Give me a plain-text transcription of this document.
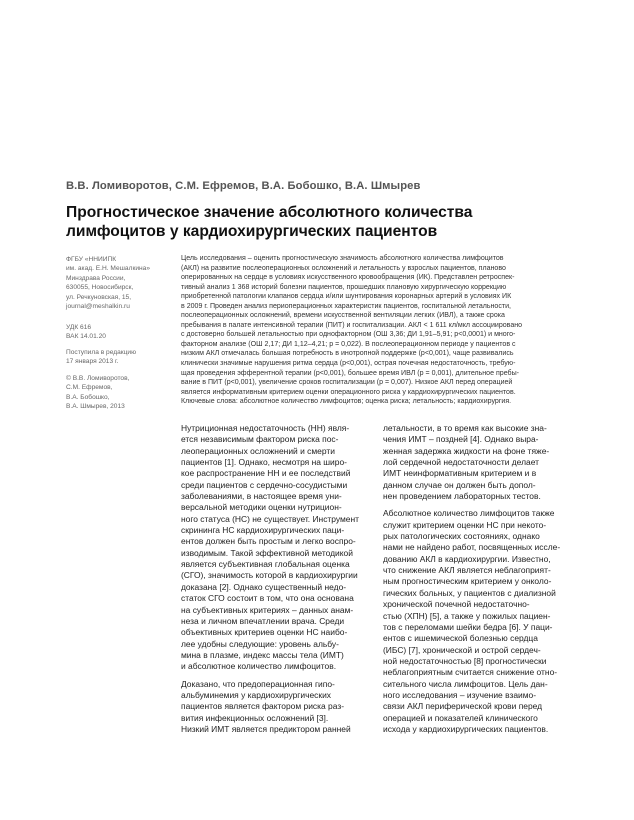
В.В. Ломиворотов, С.М. Ефремов, В.А. Бобошко, В.А. Шмырев
Прогностическое значение абсолютного количества
лимфоцитов у кардиохирургических пациентов
ФГБУ «ННИИПК
им. акад. Е.Н. Мешалкина»
Минздрава России,
630055, Новосибирск,
ул. Речкуновская, 15,
journal@meshalkin.ru
УДК 616
ВАК 14.01.20
Поступила в редакцию
17 января 2013 г.
© В.В. Ломиворотов,
С.М. Ефремов,
В.А. Бобошко,
В.А. Шмырев, 2013
Цель исследования – оценить прогностическую значимость абсолютного количества лимфоцитов
(АКЛ) на развитие послеоперационных осложнений и летальность у взрослых пациентов, планово
оперированных на сердце в условиях искусственного кровообращения (ИК). Представлен ретроспек-
тивный анализ 1 368 историй болезни пациентов, прошедших плановую хирургическую коррекцию
приобретенной патологии клапанов сердца и/или шунтирования коронарных артерий в условиях ИК
в 2009 г. Проведен анализ периоперационных характеристик пациентов, госпитальной летальности,
послеоперационных осложнений, времени искусственной вентиляции легких (ИВЛ), а также срока
пребывания в палате интенсивной терапии (ПИТ) и госпитализации. АКЛ < 1 611 кл/мкл ассоциировано
с достоверно большей летальностью при однофакторном (ОШ 3,36; ДИ 1,91–5,91; p<0,0001) и много-
факторном анализе (ОШ 2,17; ДИ 1,12–4,21; p = 0,022). В послеоперационном периоде у пациентов с
низким АКЛ отмечалась большая потребность в инотропной поддержке (p<0,001), чаще развивались
клинически значимые нарушения ритма сердца (p<0,001), острая почечная недостаточность, требую-
щая проведения эфферентной терапии (p<0,001), большее время ИВЛ (p = 0,001), длительное пребы-
вание в ПИТ (p<0,001), увеличение сроков госпитализации (p = 0,007). Низкое АКЛ перед операцией
является информативным критерием оценки операционного риска у кардиохирургических пациентов.
Ключевые слова: абсолютное количество лимфоцитов; оценка риска; летальность; кардиохирургия.
Нутриционная недостаточность (НН) явля-
ется независимым фактором риска пос-
леоперационных осложнений и смерти
пациентов [1]. Однако, несмотря на широ-
кое распространение НН и ее последствий
среди пациентов с сердечно-сосудистыми
заболеваниями, в настоящее время уни-
версальной методики оценки нутрицион-
ного статуса (НС) не существует. Инструмент
скрининга НС кардиохирургических паци-
ентов должен быть простым и легко воспро-
изводимым. Такой эффективной методикой
является субъективная глобальная оценка
(СГО), значимость которой в кардиохирургии
доказана [2]. Однако существенный недо-
статок СГО состоит в том, что она основана
на субъективных критериях – данных анам-
неза и личном впечатлении врача. Среди
объективных критериев оценки НС наибо-
лее удобны следующие: уровень альбу-
мина в плазме, индекс массы тела (ИМТ)
и абсолютное количество лимфоцитов.
Доказано, что предоперационная гипо-
альбуминемия у кардиохирургических
пациентов является фактором риска раз-
вития инфекционных осложнений [3].
Низкий ИМТ является предиктором ранней
летальности, в то время как высокие зна-
чения ИМТ – поздней [4]. Однако выра-
женная задержка жидкости на фоне тяже-
лой сердечной недостаточности делает
ИМТ неинформативным критерием и в
данном случае он должен быть допол-
нен проведением лабораторных тестов.
Абсолютное количество лимфоцитов также
служит критерием оценки НС при некото-
рых патологических состояниях, однако
нами не найдено работ, посвященных иссле-
дованию АКЛ в кардиохирургии. Известно,
что снижение АКЛ является неблагоприят-
ным прогностическим критерием у онколо-
гических больных, у пациентов с диализной
хронической почечной недостаточно-
стью (ХПН) [5], а также у пожилых пациен-
тов с переломами шейки бедра [6]. У паци-
ентов с ишемической болезнью сердца
(ИБС) [7], хронической и острой сердеч-
ной недостаточностью [8] прогностически
неблагоприятным считается снижение отно-
сительного числа лимфоцитов. Цель дан-
ного исследования – изучение взаимо-
связи АКЛ периферической крови перед
операцией и показателей клинического
исхода у кардиохирургических пациентов.
